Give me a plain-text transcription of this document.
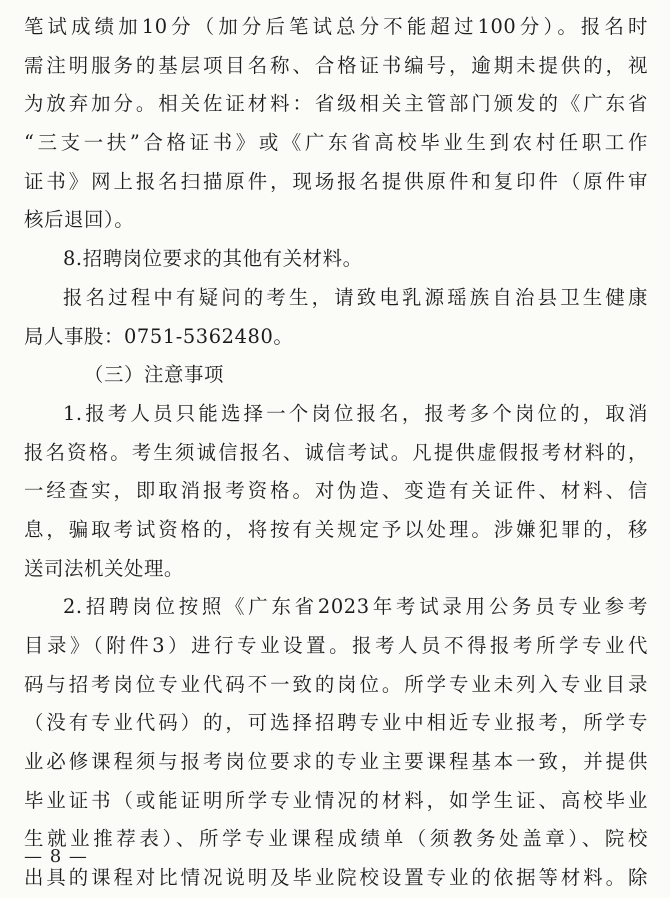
笔试成绩加10分（加分后笔试总分不能超过100分）。报名时
需注明服务的基层项目名称、合格证书编号，逾期未提供的，视
为放弃加分。相关佐证材料：省级相关主管部门颁发的《广东省
“三支一扶”合格证书》或《广东省高校毕业生到农村任职工作
证书》网上报名扫描原件，现场报名提供原件和复印件（原件审
核后退回）。
8.招聘岗位要求的其他有关材料。
报名过程中有疑问的考生，请致电乳源瑶族自治县卫生健康
局人事股：0751-5362480。
（三）注意事项
1.报考人员只能选择一个岗位报名，报考多个岗位的，取消
报名资格。考生须诚信报名、诚信考试。凡提供虚假报考材料的，
一经查实，即取消报考资格。对伪造、变造有关证件、材料、信
息，骗取考试资格的，将按有关规定予以处理。涉嫌犯罪的，移
送司法机关处理。
2.招聘岗位按照《广东省2023年考试录用公务员专业参考
目录》（附件3）进行专业设置。报考人员不得报考所学专业代
码与招考岗位专业代码不一致的岗位。所学专业未列入专业目录
（没有专业代码）的，可选择招聘专业中相近专业报考，所学专
业必修课程须与报考岗位要求的专业主要课程基本一致，并提供
毕业证书（或能证明所学专业情况的材料，如学生证、高校毕业
生就业推荐表）、所学专业课程成绩单（须教务处盖章）、院校
出具的课程对比情况说明及毕业院校设置专业的依据等材料。除
— 8 —
